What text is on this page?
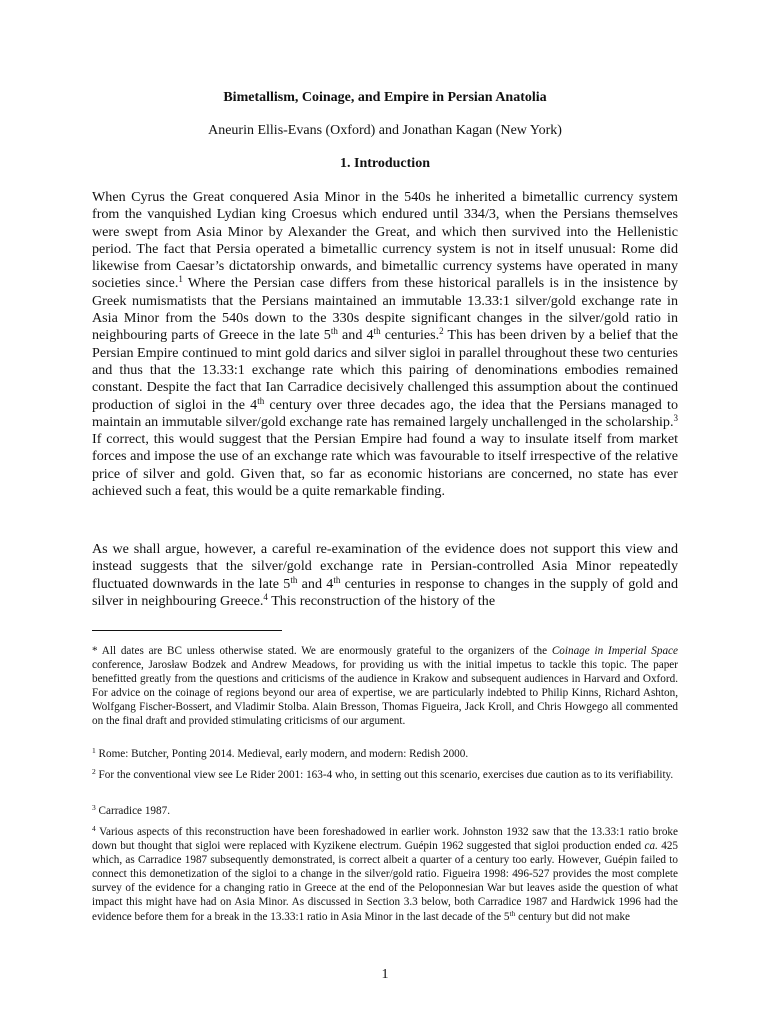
Bimetallism, Coinage, and Empire in Persian Anatolia
Aneurin Ellis-Evans (Oxford) and Jonathan Kagan (New York)
1. Introduction
When Cyrus the Great conquered Asia Minor in the 540s he inherited a bimetallic currency system from the vanquished Lydian king Croesus which endured until 334/3, when the Persians themselves were swept from Asia Minor by Alexander the Great, and which then survived into the Hellenistic period. The fact that Persia operated a bimetallic currency system is not in itself unusual: Rome did likewise from Caesar’s dictatorship onwards, and bimetallic currency systems have operated in many societies since.$^1$ Where the Persian case differs from these historical parallels is in the insistence by Greek numismatists that the Persians maintained an immutable 13.33:1 silver/gold exchange rate in Asia Minor from the 540s down to the 330s despite significant changes in the silver/gold ratio in neighbouring parts of Greece in the late 5th and 4th centuries.$^2$ This has been driven by a belief that the Persian Empire continued to mint gold darics and silver sigloi in parallel throughout these two centuries and thus that the 13.33:1 exchange rate which this pairing of denominations embodies remained constant. Despite the fact that Ian Carradice decisively challenged this assumption about the continued production of sigloi in the 4th century over three decades ago, the idea that the Persians managed to maintain an immutable silver/gold exchange rate has remained largely unchallenged in the scholarship.$^3$ If correct, this would suggest that the Persian Empire had found a way to insulate itself from market forces and impose the use of an exchange rate which was favourable to itself irrespective of the relative price of silver and gold. Given that, so far as economic historians are concerned, no state has ever achieved such a feat, this would be a quite remarkable finding.
As we shall argue, however, a careful re-examination of the evidence does not support this view and instead suggests that the silver/gold exchange rate in Persian-controlled Asia Minor repeatedly fluctuated downwards in the late 5th and 4th centuries in response to changes in the supply of gold and silver in neighbouring Greece.$^4$ This reconstruction of the history of the
* All dates are BC unless otherwise stated. We are enormously grateful to the organizers of the Coinage in Imperial Space conference, Jarosław Bodzek and Andrew Meadows, for providing us with the initial impetus to tackle this topic. The paper benefitted greatly from the questions and criticisms of the audience in Krakow and subsequent audiences in Harvard and Oxford. For advice on the coinage of regions beyond our area of expertise, we are particularly indebted to Philip Kinns, Richard Ashton, Wolfgang Fischer-Bossert, and Vladimir Stolba. Alain Bresson, Thomas Figueira, Jack Kroll, and Chris Howgego all commented on the final draft and provided stimulating criticisms of our argument.
$^1$ Rome: Butcher, Ponting 2014. Medieval, early modern, and modern: Redish 2000.
$^2$ For the conventional view see Le Rider 2001: 163-4 who, in setting out this scenario, exercises due caution as to its verifiability.
$^3$ Carradice 1987.
$^4$ Various aspects of this reconstruction have been foreshadowed in earlier work. Johnston 1932 saw that the 13.33:1 ratio broke down but thought that sigloi were replaced with Kyzikene electrum. Guépin 1962 suggested that sigloi production ended ca. 425 which, as Carradice 1987 subsequently demonstrated, is correct albeit a quarter of a century too early. However, Guépin failed to connect this demonetization of the sigloi to a change in the silver/gold ratio. Figueira 1998: 496-527 provides the most complete survey of the evidence for a changing ratio in Greece at the end of the Peloponnesian War but leaves aside the question of what impact this might have had on Asia Minor. As discussed in Section 3.3 below, both Carradice 1987 and Hardwick 1996 had the evidence before them for a break in the 13.33:1 ratio in Asia Minor in the last decade of the 5th century but did not make
1
